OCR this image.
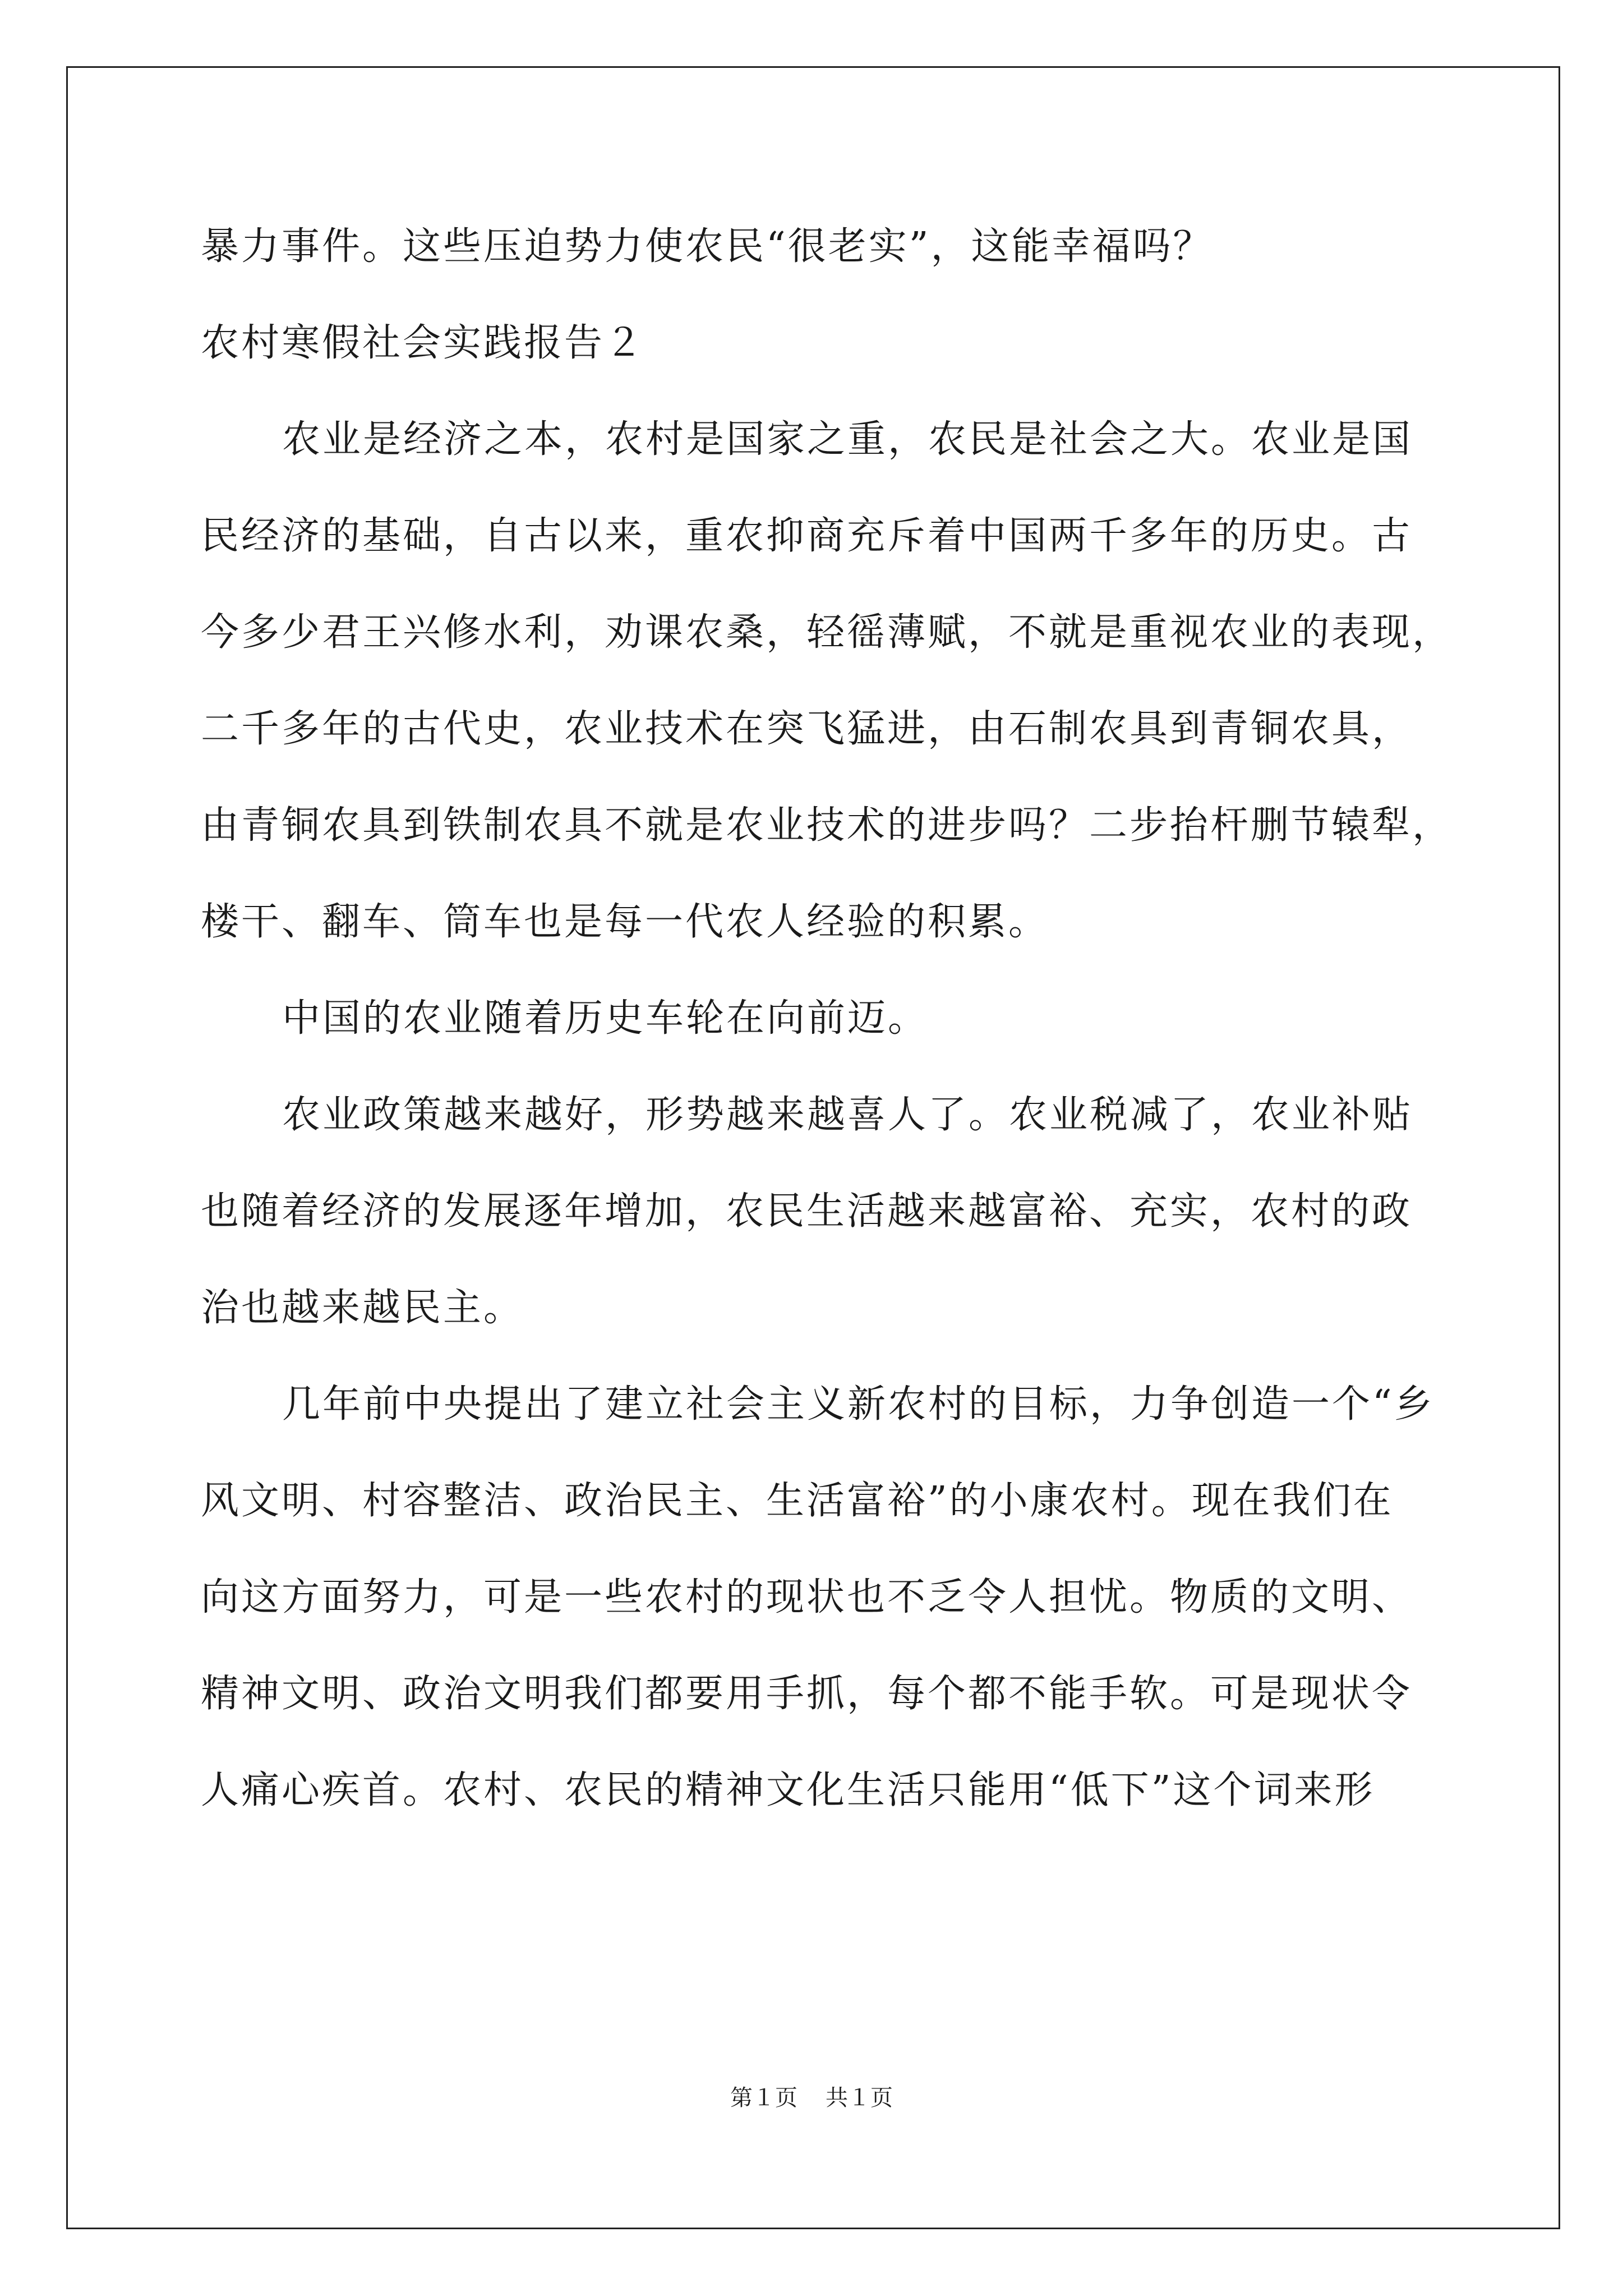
暴力事件。这些压迫势力使农民“很老实”，这能幸福吗？

农村寒假社会实践报告２

农业是经济之本，农村是国家之重，农民是社会之大。农业是国

民经济的基础，自古以来，重农抑商充斥着中国两千多年的历史。古

今多少君王兴修水利，劝课农桑，轻徭薄赋，不就是重视农业的表现，

二千多年的古代史，农业技术在突飞猛进，由石制农具到青铜农具，

由青铜农具到铁制农具不就是农业技术的进步吗？二步抬杆删节辕犁，

楼干、翻车、筒车也是每一代农人经验的积累。

中国的农业随着历史车轮在向前迈。

农业政策越来越好，形势越来越喜人了。农业税减了，农业补贴

也随着经济的发展逐年增加，农民生活越来越富裕、充实，农村的政

治也越来越民主。

几年前中央提出了建立社会主义新农村的目标，力争创造一个“乡

风文明、村容整洁、政治民主、生活富裕”的小康农村。现在我们在

向这方面努力，可是一些农村的现状也不乏令人担忧。物质的文明、

精神文明、政治文明我们都要用手抓，每个都不能手软。可是现状令

人痛心疾首。农村、农民的精神文化生活只能用“低下”这个词来形

第１页 共１页
